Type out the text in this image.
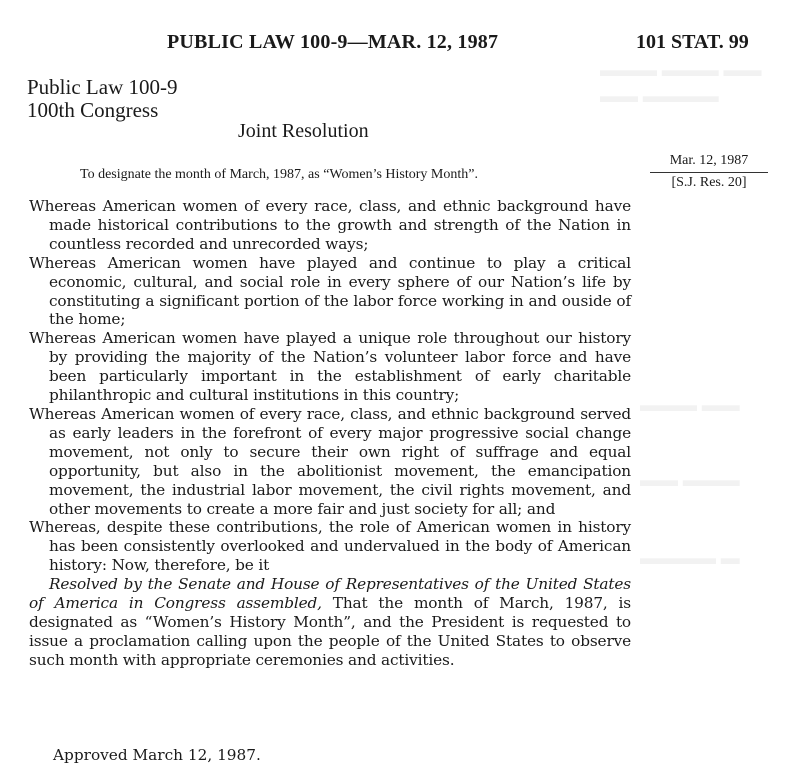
▬▬▬ ▬▬▬ ▬▬
▬▬ ▬▬▬▬
▬▬▬ ▬▬
▬▬ ▬▬▬
▬▬▬▬ ▬
PUBLIC LAW 100-9—MAR. 12, 1987	101 STAT. 99
Public Law 100-9
100th Congress
Joint Resolution
To designate the month of March, 1987, as “Women’s History Month”.
Mar. 12, 1987
[S.J. Res. 20]

Whereas American women of every race, class, and ethnic background have made historical contributions to the growth and strength of the Nation in countless recorded and unrecorded ways;

Whereas American women have played and continue to play a critical economic, cultural, and social role in every sphere of our Nation’s life by constituting a significant portion of the labor force working in and ouside of the home;

Whereas American women have played a unique role throughout our history by providing the majority of the Nation’s volunteer labor force and have been particularly important in the establishment of early charitable philanthropic and cultural institutions in this country;

Whereas American women of every race, class, and ethnic background served as early leaders in the forefront of every major progressive social change movement, not only to secure their own right of suffrage and equal opportunity, but also in the abolitionist movement, the emancipation movement, the industrial labor movement, the civil rights movement, and other movements to create a more fair and just society for all; and

Whereas, despite these contributions, the role of American women in history has been consistently overlooked and undervalued in the body of American history: Now, therefore, be it

Resolved by the Senate and House of Representatives of the United States of America in Congress assembled, That the month of March, 1987, is designated as “Women’s History Month”, and the President is requested to issue a proclamation calling upon the people of the United States to observe such month with appropriate ceremonies and activities.

Approved March 12, 1987.
